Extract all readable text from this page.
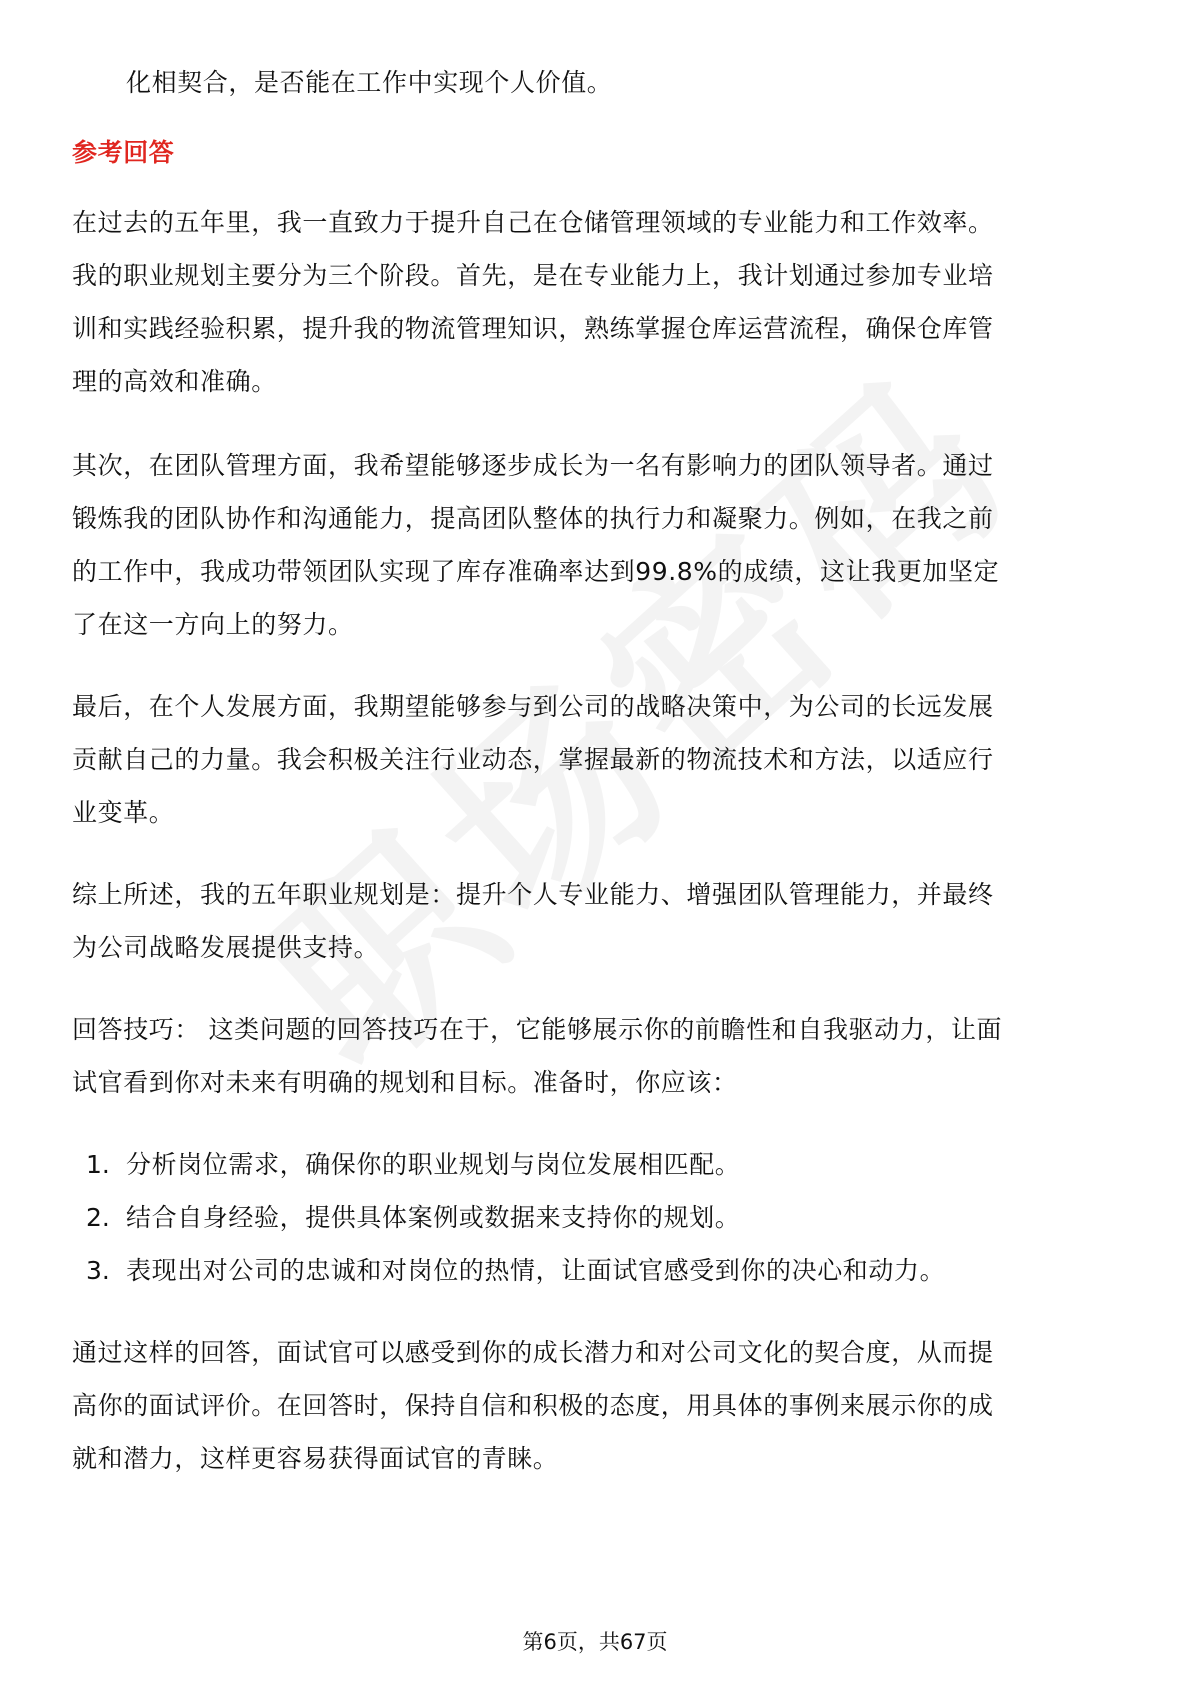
化相契合，是否能在工作中实现个人价值。
参考回答
在过去的五年里，我一直致力于提升自己在仓储管理领域的专业能力和工作效率。
我的职业规划主要分为三个阶段。首先，是在专业能力上，我计划通过参加专业培
训和实践经验积累，提升我的物流管理知识，熟练掌握仓库运营流程，确保仓库管
理的高效和准确。
其次，在团队管理方面，我希望能够逐步成长为一名有影响力的团队领导者。通过
锻炼我的团队协作和沟通能力，提高团队整体的执行力和凝聚力。例如，在我之前
的工作中，我成功带领团队实现了库存准确率达到99.8%的成绩，这让我更加坚定
了在这一方向上的努力。
最后，在个人发展方面，我期望能够参与到公司的战略决策中，为公司的长远发展
贡献自己的力量。我会积极关注行业动态，掌握最新的物流技术和方法，以适应行
业变革。
综上所述，我的五年职业规划是：提升个人专业能力、增强团队管理能力，并最终
为公司战略发展提供支持。
回答技巧： 这类问题的回答技巧在于，它能够展示你的前瞻性和自我驱动力，让面
试官看到你对未来有明确的规划和目标。准备时，你应该：
1. 分析岗位需求，确保你的职业规划与岗位发展相匹配。
2. 结合自身经验，提供具体案例或数据来支持你的规划。
3. 表现出对公司的忠诚和对岗位的热情，让面试官感受到你的决心和动力。
通过这样的回答，面试官可以感受到你的成长潜力和对公司文化的契合度，从而提
高你的面试评价。在回答时，保持自信和积极的态度，用具体的事例来展示你的成
就和潜力，这样更容易获得面试官的青睐。
第6页，共67页
